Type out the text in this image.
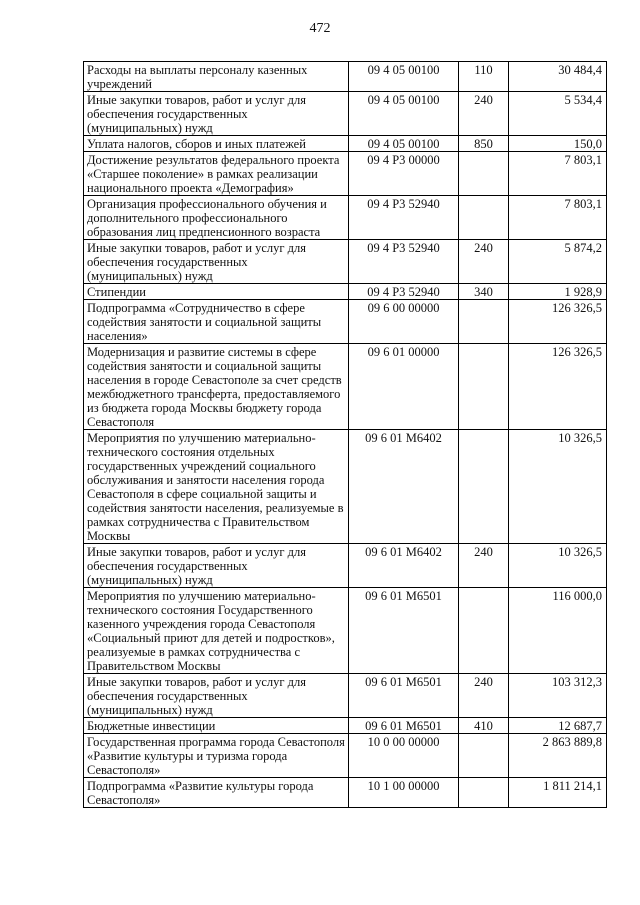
472
Расходы на выплаты персоналу казенных учреждений	09 4 05 00100	110	30 484,4
Иные закупки товаров, работ и услуг для обеспечения государственных (муниципальных) нужд	09 4 05 00100	240	5 534,4
Уплата налогов, сборов и иных платежей	09 4 05 00100	850	150,0
Достижение результатов федерального проекта «Старшее поколение» в рамках реализации национального проекта «Демография»	09 4 P3 00000		7 803,1
Организация профессионального обучения и дополнительного профессионального образования лиц предпенсионного возраста	09 4 P3 52940		7 803,1
Иные закупки товаров, работ и услуг для обеспечения государственных (муниципальных) нужд	09 4 P3 52940	240	5 874,2
Стипендии	09 4 P3 52940	340	1 928,9
Подпрограмма «Сотрудничество в сфере содействия занятости и социальной защиты населения»	09 6 00 00000		126 326,5
Модернизация и развитие системы в сфере содействия занятости и социальной защиты населения в городе Севастополе за счет средств межбюджетного трансферта, предоставляемого из бюджета города Москвы бюджету города Севастополя	09 6 01 00000		126 326,5
Мероприятия по улучшению материально-технического состояния отдельных государственных учреждений социального обслуживания и занятости населения города Севастополя в сфере социальной защиты и содействия занятости населения, реализуемые в рамках сотрудничества с Правительством Москвы	09 6 01 M6402		10 326,5
Иные закупки товаров, работ и услуг для обеспечения государственных (муниципальных) нужд	09 6 01 M6402	240	10 326,5
Мероприятия по улучшению материально-технического состояния Государственного казенного учреждения города Севастополя «Социальный приют для детей и подростков», реализуемые в рамках сотрудничества с Правительством Москвы	09 6 01 M6501		116 000,0
Иные закупки товаров, работ и услуг для обеспечения государственных (муниципальных) нужд	09 6 01 M6501	240	103 312,3
Бюджетные инвестиции	09 6 01 M6501	410	12 687,7
Государственная программа города Севастополя «Развитие культуры и туризма города Севастополя»	10 0 00 00000		2 863 889,8
Подпрограмма «Развитие культуры города Севастополя»	10 1 00 00000		1 811 214,1
